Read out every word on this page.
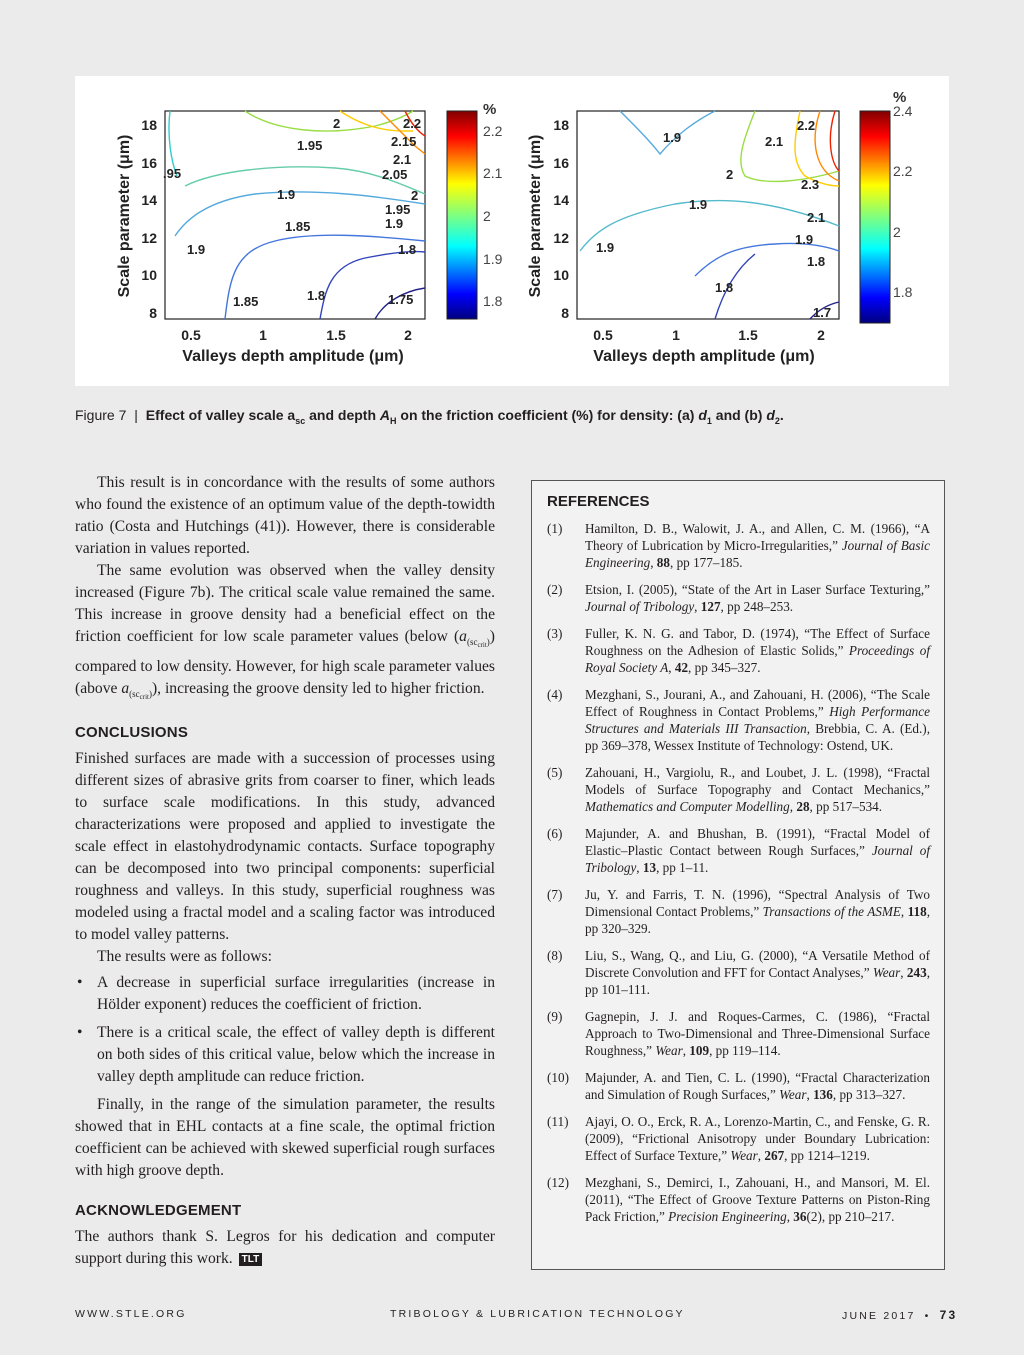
2	2.2
1.95	2.15
.95
2.1
2.05
1.9	2
1.95
1.85	1.9
1.9	1.8
1.85	1.8	1.75
18
16
14
12
10
8
0.5	1	1.5	2
Valleys depth amplitude (μm)
Scale parameter (μm)
%
2.2
2.1
2
1.9
1.8
1.9
2.2
2.1
2
2.3
1.9
2.1
1.9
1.9
1.8
1.8
1.7
18
16
14
12
10
8
0.5	1	1.5	2
Valleys depth amplitude (μm)
Scale parameter (μm)
%
2.4
2.2
2
1.8
Figure 7 | Effect of valley scale $a_{sc}$ and depth $A_H$ on the friction coefficient (%) for density: (a) $d_1$ and (b) $d_2$.

This result is in concordance with the results of some authors who found the existence of an optimum value of the depth-towidth ratio (Costa and Hutchings (41)). However, there is considerable variation in values reported.

The same evolution was observed when the valley density increased (Figure 7b). The critical scale value remained the same. This increase in groove density had a beneficial effect on the friction coefficient for low scale parameter values (below $(a_{(sc_{crit})})$ compared to low density. However, for high scale parameter values (above $a_{(sc_{crit})}$), increasing the groove density led to higher friction.

CONCLUSIONS

Finished surfaces are made with a succession of processes using different sizes of abrasive grits from coarser to finer, which leads to surface scale modifications. In this study, advanced characterizations were proposed and applied to investigate the scale effect in elastohydrodynamic contacts. Surface topography can be decomposed into two principal components: superficial roughness and valleys. In this study, superficial roughness was modeled using a fractal model and a scaling factor was introduced to model valley patterns.

The results were as follows:

• A decrease in superficial surface irregularities (increase in Hölder exponent) reduces the coefficient of friction.
• There is a critical scale, the effect of valley depth is different on both sides of this critical value, below which the increase in valley depth amplitude can reduce friction.

Finally, in the range of the simulation parameter, the results showed that in EHL contacts at a fine scale, the optimal friction coefficient can be achieved with skewed superficial rough surfaces with high groove depth.

ACKNOWLEDGEMENT

The authors thank S. Legros for his dedication and computer support during this work. TLT

REFERENCES
(1) Hamilton, D. B., Walowit, J. A., and Allen, C. M. (1966), “A Theory of Lubrication by Micro-Irregularities,” Journal of Basic Engineering, 88, pp 177–185.
(2) Etsion, I. (2005), “State of the Art in Laser Surface Texturing,” Journal of Tribology, 127, pp 248–253.
(3) Fuller, K. N. G. and Tabor, D. (1974), “The Effect of Surface Roughness on the Adhesion of Elastic Solids,” Proceedings of Royal Society A, 42, pp 345–327.
(4) Mezghani, S., Jourani, A., and Zahouani, H. (2006), “The Scale Effect of Roughness in Contact Problems,” High Performance Structures and Materials III Transaction, Brebbia, C. A. (Ed.), pp 369–378, Wessex Institute of Technology: Ostend, UK.
(5) Zahouani, H., Vargiolu, R., and Loubet, J. L. (1998), “Fractal Models of Surface Topography and Contact Mechanics,” Mathematics and Computer Modelling, 28, pp 517–534.
(6) Majunder, A. and Bhushan, B. (1991), “Fractal Model of Elastic–Plastic Contact between Rough Surfaces,” Journal of Tribology, 13, pp 1–11.
(7) Ju, Y. and Farris, T. N. (1996), “Spectral Analysis of Two Dimensional Contact Problems,” Transactions of the ASME, 118, pp 320–329.
(8) Liu, S., Wang, Q., and Liu, G. (2000), “A Versatile Method of Discrete Convolution and FFT for Contact Analyses,” Wear, 243, pp 101–111.
(9) Gagnepin, J. J. and Roques-Carmes, C. (1986), “Fractal Approach to Two-Dimensional and Three-Dimensional Surface Roughness,” Wear, 109, pp 119–114.
(10) Majunder, A. and Tien, C. L. (1990), “Fractal Characterization and Simulation of Rough Surfaces,” Wear, 136, pp 313–327.
(11) Ajayi, O. O., Erck, R. A., Lorenzo-Martin, C., and Fenske, G. R. (2009), “Frictional Anisotropy under Boundary Lubrication: Effect of Surface Texture,” Wear, 267, pp 1214–1219.
(12) Mezghani, S., Demirci, I., Zahouani, H., and Mansori, M. El. (2011), “The Effect of Groove Texture Patterns on Piston-Ring Pack Friction,” Precision Engineering, 36(2), pp 210–217.
WWW.STLE.ORG	TRIBOLOGY & LUBRICATION TECHNOLOGY	JUNE 2017 • 73
